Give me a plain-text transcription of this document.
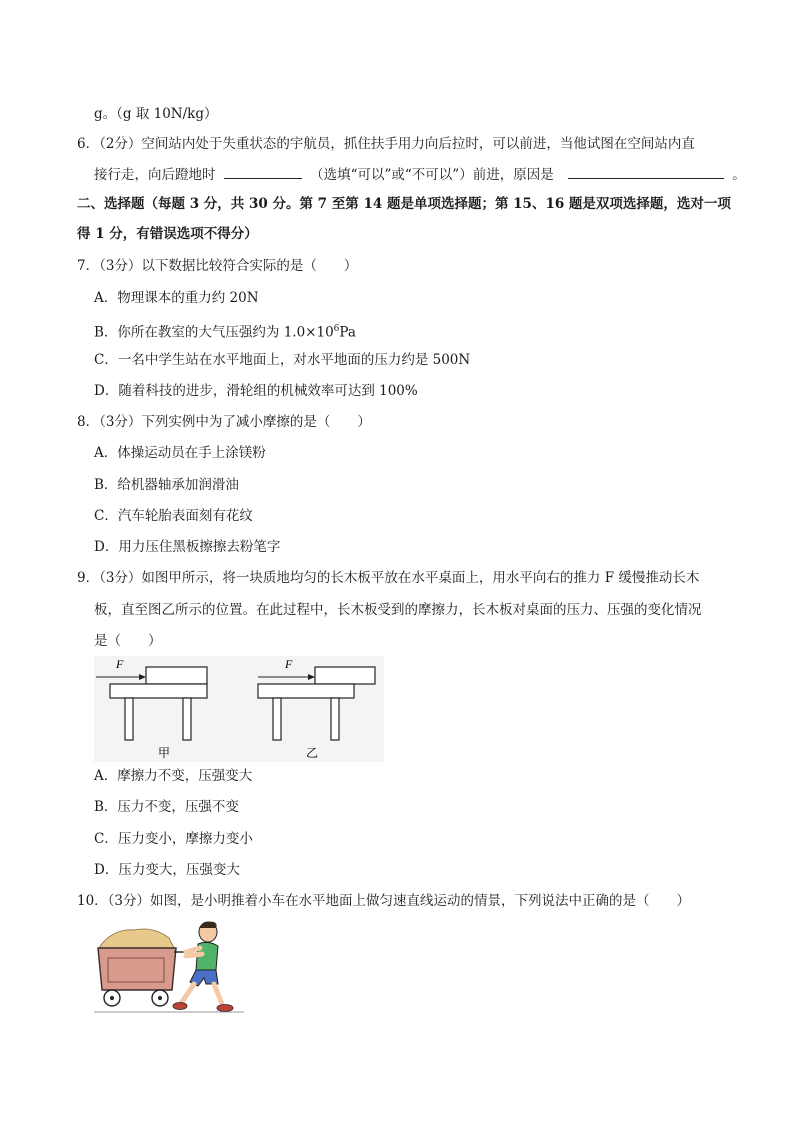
g。（g 取 10N/kg）
6．（2分）空间站内处于失重状态的宇航员，抓住扶手用力向后拉时，可以前进，当他试图在空间站内直
接行走，向后蹬地时	（选填“可以”或“不可以”）前进，原因是	。
二、选择题（每题 3 分，共 30 分。第 7 至第 14 题是单项选择题；第 15、16 题是双项选择题，选对一项
得 1 分，有错误选项不得分）
7．（3分）以下数据比较符合实际的是（　　）
A．物理课本的重力约 20N
B．你所在教室的大气压强约为 $1.0\times 10^6Pa$
C．一名中学生站在水平地面上，对水平地面的压力约是 500N
D．随着科技的进步，滑轮组的机械效率可达到 100%
8．（3分）下列实例中为了减小摩擦的是（　　）
A．体操运动员在手上涂镁粉
B．给机器轴承加润滑油
C．汽车轮胎表面刻有花纹
D．用力压住黑板擦擦去粉笔字
9．（3分）如图甲所示，将一块质地均匀的长木板平放在水平桌面上，用水平向右的推力 F 缓慢推动长木
板，直至图乙所示的位置。在此过程中，长木板受到的摩擦力，长木板对桌面的压力、压强的变化情况
是（　　）
F
甲
F
乙
A．摩擦力不变，压强变大
B．压力不变，压强不变
C．压力变小，摩擦力变小
D．压力变大，压强变大
10．（3分）如图，是小明推着小车在水平地面上做匀速直线运动的情景，下列说法中正确的是（　　）
